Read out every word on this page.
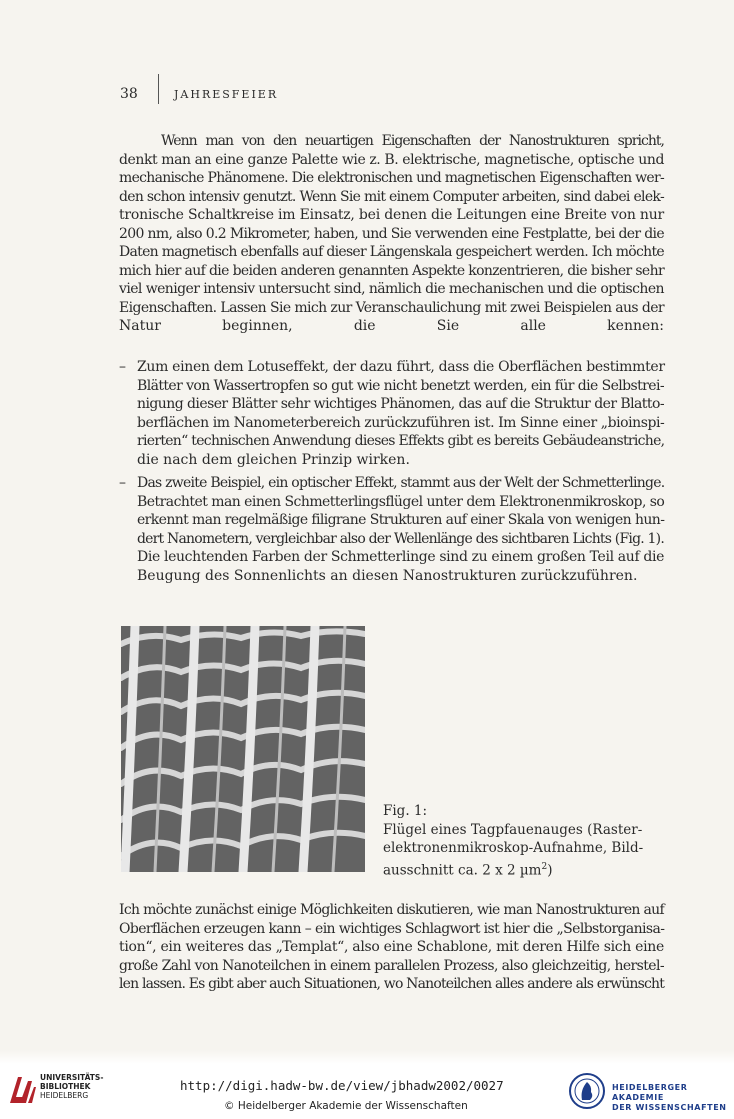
38	JAHRESFEIER
Wenn man von den neuartigen Eigenschaften der Nanostrukturen spricht,
denkt man an eine ganze Palette wie z. B. elektrische, magnetische, optische und
mechanische Phänomene. Die elektronischen und magnetischen Eigenschaften wer-
den schon intensiv genutzt. Wenn Sie mit einem Computer arbeiten, sind dabei elek-
tronische Schaltkreise im Einsatz, bei denen die Leitungen eine Breite von nur
200 nm, also 0.2 Mikrometer, haben, und Sie verwenden eine Festplatte, bei der die
Daten magnetisch ebenfalls auf dieser Längenskala gespeichert werden. Ich möchte
mich hier auf die beiden anderen genannten Aspekte konzentrieren, die bisher sehr
viel weniger intensiv untersucht sind, nämlich die mechanischen und die optischen
Eigenschaften. Lassen Sie mich zur Veranschaulichung mit zwei Beispielen aus der
Natur beginnen, die Sie alle kennen:
– Zum einen dem Lotuseffekt, der dazu führt, dass die Oberflächen bestimmter
Blätter von Wassertropfen so gut wie nicht benetzt werden, ein für die Selbstrei-
nigung dieser Blätter sehr wichtiges Phänomen, das auf die Struktur der Blatto-
berflächen im Nanometerbereich zurückzuführen ist. Im Sinne einer „bioinspi-
rierten“ technischen Anwendung dieses Effekts gibt es bereits Gebäudeanstriche,
die nach dem gleichen Prinzip wirken.
– Das zweite Beispiel, ein optischer Effekt, stammt aus der Welt der Schmetterlinge.
Betrachtet man einen Schmetterlingsflügel unter dem Elektronenmikroskop, so
erkennt man regelmäßige filigrane Strukturen auf einer Skala von wenigen hun-
dert Nanometern, vergleichbar also der Wellenlänge des sichtbaren Lichts (Fig. 1).
Die leuchtenden Farben der Schmetterlinge sind zu einem großen Teil auf die
Beugung des Sonnenlichts an diesen Nanostrukturen zurückzuführen.
Fig. 1:
Flügel eines Tagpfauenauges (Raster-
elektronenmikroskop-Aufnahme, Bild-
ausschnitt ca. 2 x 2 µm$^2$)
Ich möchte zunächst einige Möglichkeiten diskutieren, wie man Nanostrukturen auf
Oberflächen erzeugen kann – ein wichtiges Schlagwort ist hier die „Selbstorganisa-
tion“, ein weiteres das „Templat“, also eine Schablone, mit deren Hilfe sich eine
große Zahl von Nanoteilchen in einem parallelen Prozess, also gleichzeitig, herstel-
len lassen. Es gibt aber auch Situationen, wo Nanoteilchen alles andere als erwünscht
UNIVERSITÄTS-
BIBLIOTHEK
HEIDELBERG
http://digi.hadw-bw.de/view/jbhadw2002/0027
© Heidelberger Akademie der Wissenschaften
HEIDELBERGER AKADEMIE
DER WISSENSCHAFTEN
